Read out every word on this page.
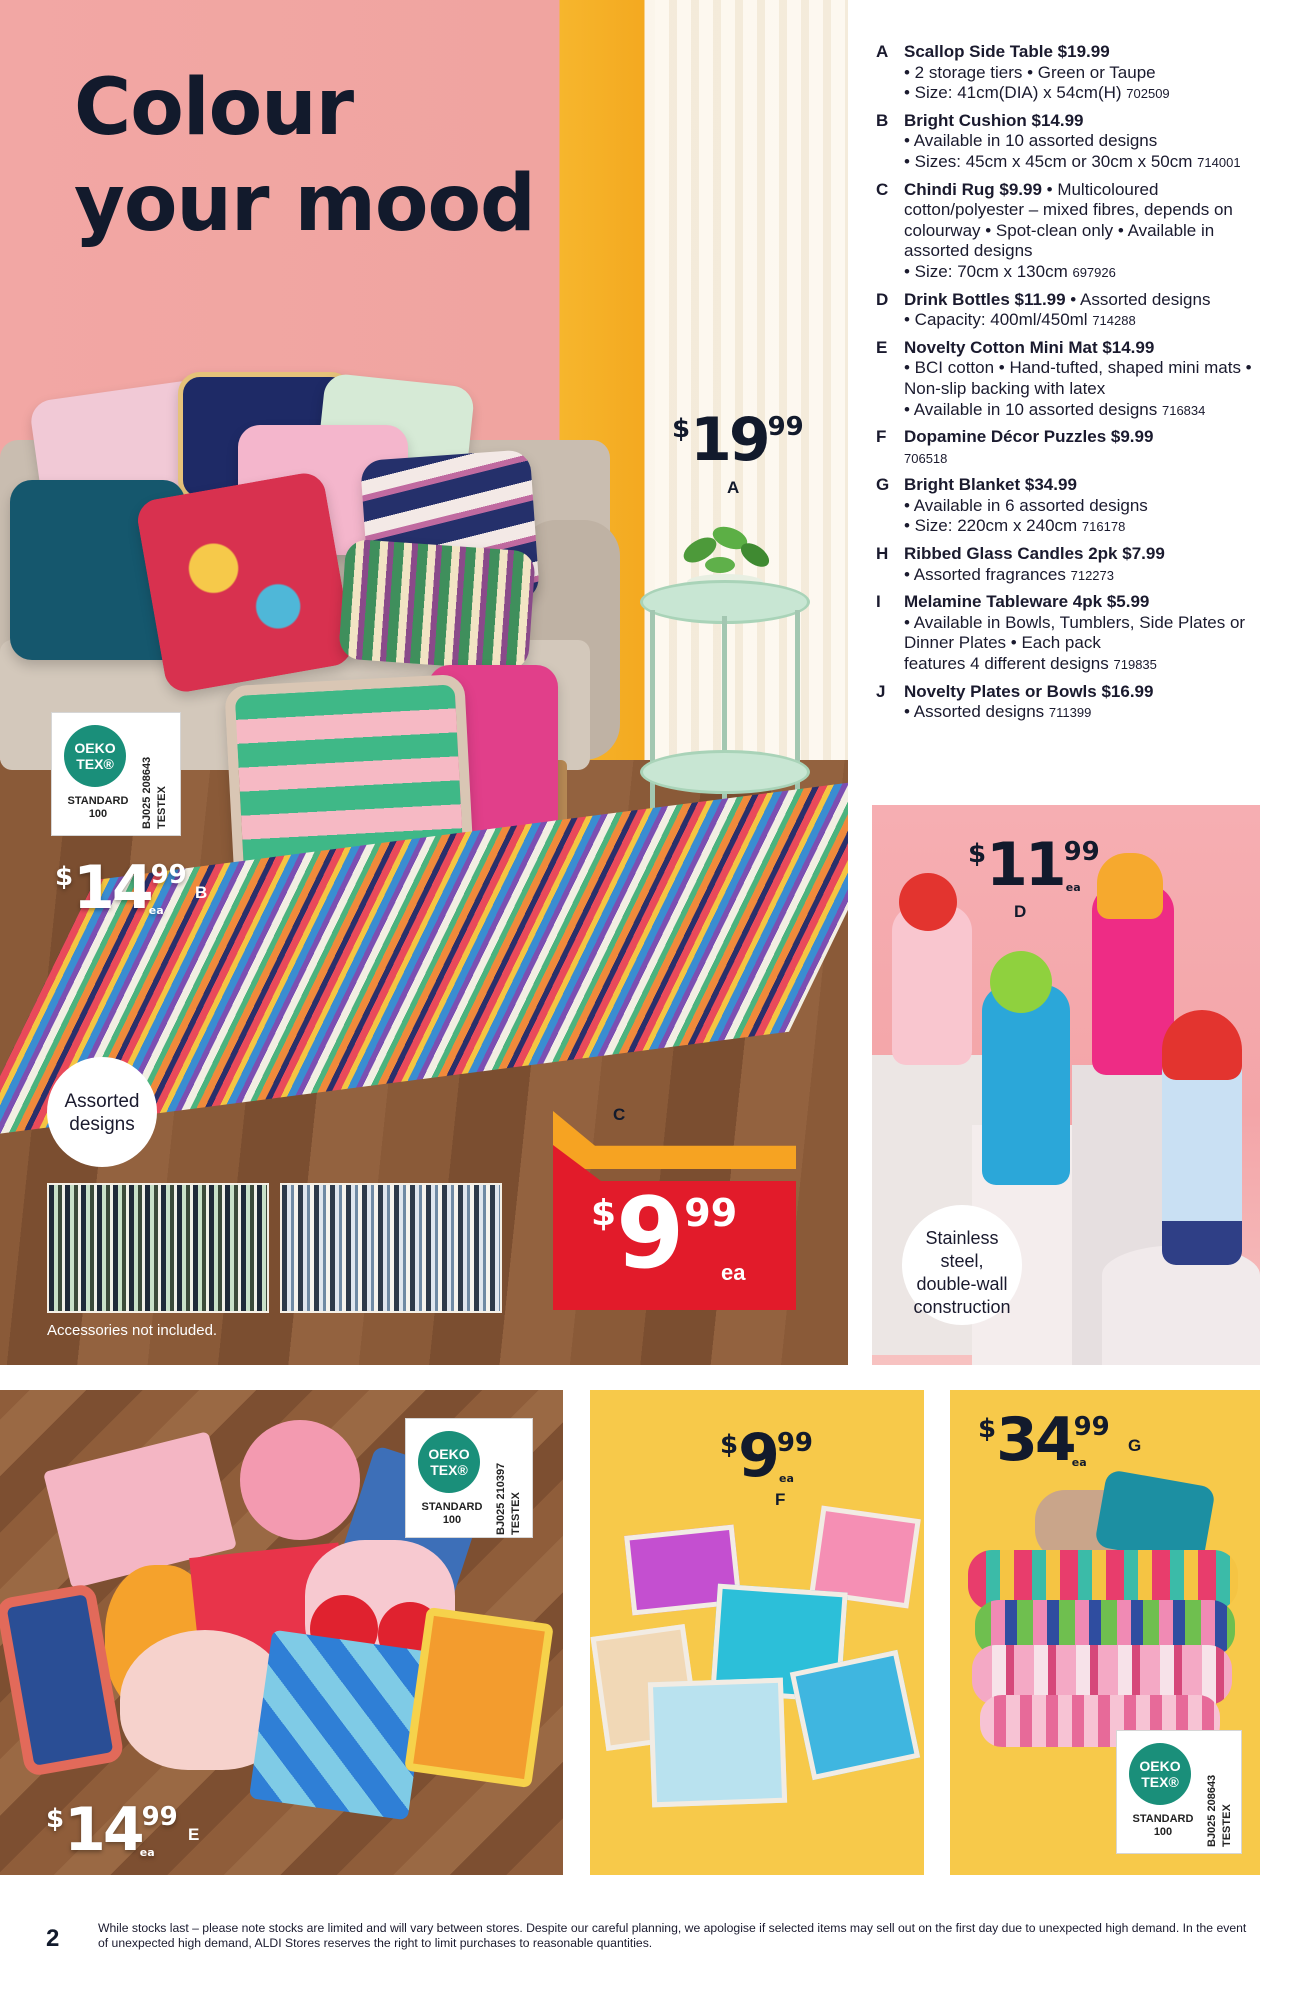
Colour
your mood
OEKO
TEX®
STANDARD
100	BJ025 208643 TESTEX
$1499
ea
B
$1999
A
Assorted
designs
Accessories not included.
C
$999
ea
A Scallop Side Table $19.99
• 2 storage tiers • Green or Taupe
• Size: 41cm(DIA) x 54cm(H) 702509
B Bright Cushion $14.99
• Available in 10 assorted designs
• Sizes: 45cm x 45cm or 30cm x 50cm 714001
C Chindi Rug $9.99 • Multicoloured cotton/polyester – mixed fibres, depends on colourway • Spot-clean only • Available in assorted designs
• Size: 70cm x 130cm 697926
D Drink Bottles $11.99 • Assorted designs
• Capacity: 400ml/450ml 714288
E Novelty Cotton Mini Mat $14.99
• BCI cotton • Hand-tufted, shaped mini mats • Non-slip backing with latex
• Available in 10 assorted designs 716834
F Dopamine Décor Puzzles $9.99
706518
G Bright Blanket $34.99
• Available in 6 assorted designs
• Size: 220cm x 240cm 716178
H Ribbed Glass Candles 2pk $7.99
• Assorted fragrances 712273
I Melamine Tableware 4pk $5.99
• Available in Bowls, Tumblers, Side Plates or Dinner Plates • Each pack
features 4 different designs 719835
J Novelty Plates or Bowls $16.99
• Assorted designs 711399
$1199
ea
D
Stainless steel,
double-wall
construction
OEKO
TEX®
STANDARD
100	BJ025 210397 TESTEX
$1499
ea
E
$999
ea
F
$3499
ea
G
OEKO
TEX®
STANDARD
100	BJ025 208643 TESTEX
2	While stocks last – please note stocks are limited and will vary between stores. Despite our careful planning, we apologise if selected items may sell out on the first day due to unexpected high demand. In the event of unexpected high demand, ALDI Stores reserves the right to limit purchases to reasonable quantities.
